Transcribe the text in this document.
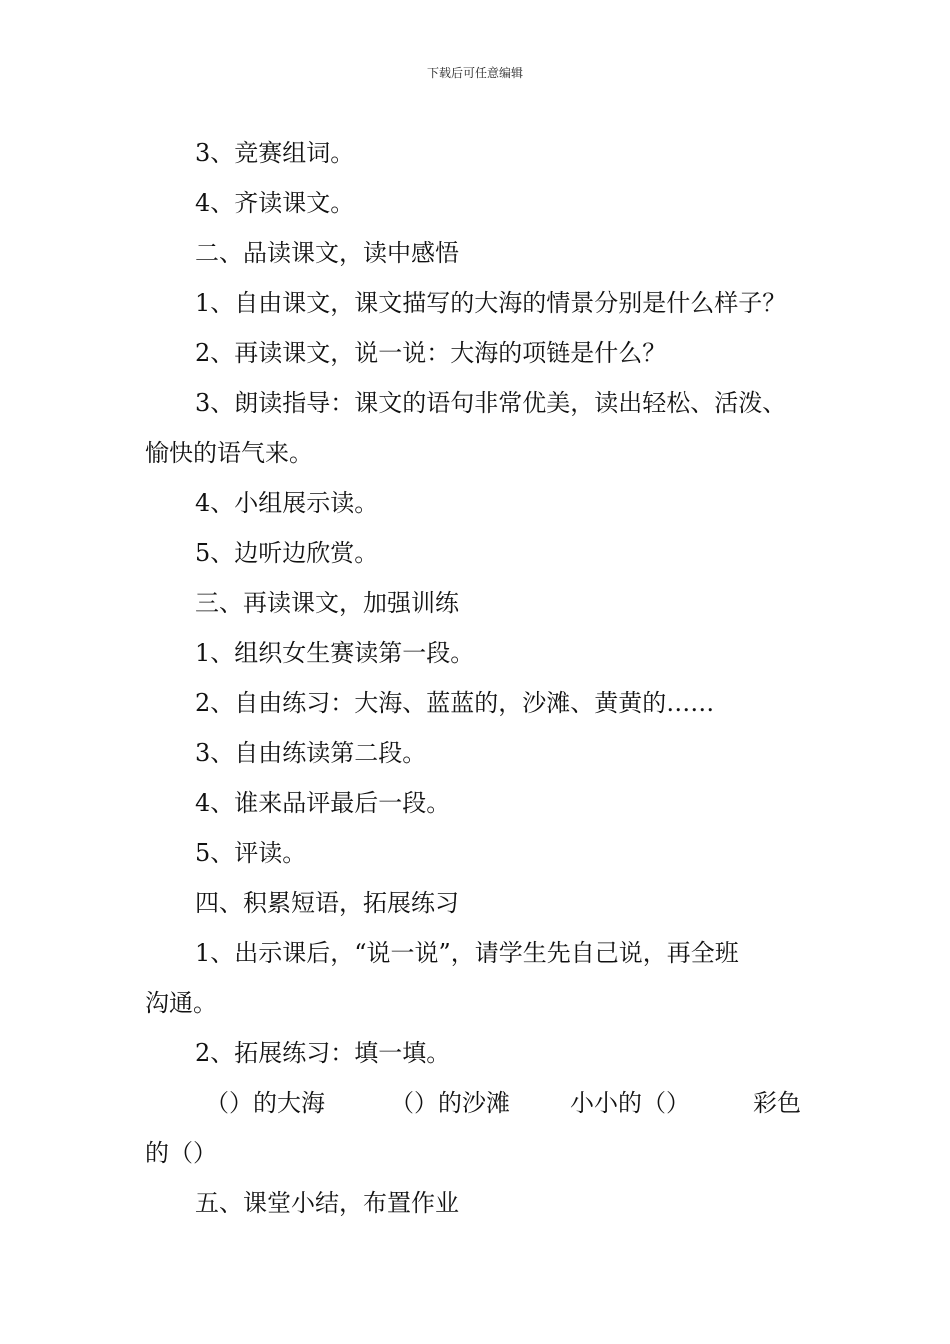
下载后可任意编辑
3、竞赛组词。
4、齐读课文。
二、品读课文，读中感悟
1、自由课文，课文描写的大海的情景分别是什么样子？
2、再读课文，说一说：大海的项链是什么？
3、朗读指导：课文的语句非常优美，读出轻松、活泼、
愉快的语气来。
4、小组展示读。
5、边听边欣赏。
三、再读课文，加强训练
1、组织女生赛读第一段。
2、自由练习：大海、蓝蓝的，沙滩、黄黄的……
3、自由练读第二段。
4、谁来品评最后一段。
5、评读。
四、积累短语，拓展练习
1、出示课后，“说一说”，请学生先自己说，再全班
沟通。
2、拓展练习：填一填。
（）的大海	（）的沙滩	小小的（）	彩色
的（）
五、课堂小结，布置作业
